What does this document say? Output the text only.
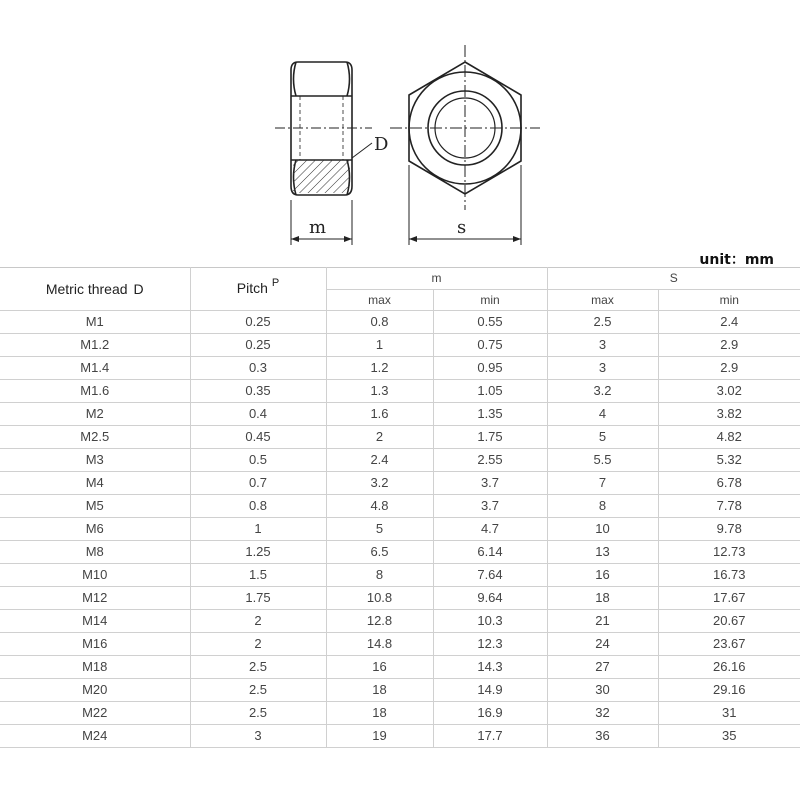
D
m	s
unit：mm
Metric thread D	Pitch $^P$	m		S	
		max	min	max	min
M1	0.25	0.8	0.55	2.5	2.4
M1.2	0.25	1	0.75	3	2.9
M1.4	0.3	1.2	0.95	3	2.9
M1.6	0.35	1.3	1.05	3.2	3.02
M2	0.4	1.6	1.35	4	3.82
M2.5	0.45	2	1.75	5	4.82
M3	0.5	2.4	2.55	5.5	5.32
M4	0.7	3.2	3.7	7	6.78
M5	0.8	4.8	3.7	8	7.78
M6	1	5	4.7	10	9.78
M8	1.25	6.5	6.14	13	12.73
M10	1.5	8	7.64	16	16.73
M12	1.75	10.8	9.64	18	17.67
M14	2	12.8	10.3	21	20.67
M16	2	14.8	12.3	24	23.67
M18	2.5	16	14.3	27	26.16
M20	2.5	18	14.9	30	29.16
M22	2.5	18	16.9	32	31
M24	3	19	17.7	36	35
